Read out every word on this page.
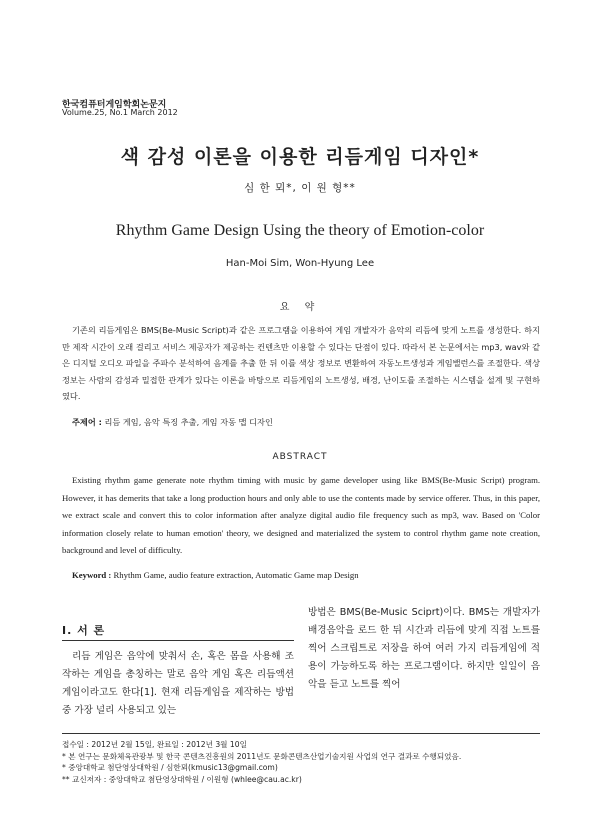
한국컴퓨터게임학회논문지
Volume.25, No.1 March 2012
색 감성 이론을 이용한 리듬게임 디자인*
심 한 뫼*, 이 원 형**
Rhythm Game Design Using the theory of Emotion-color
Han-Moi Sim, Won-Hyung Lee
요 약
기존의 리듬게임은 BMS(Be-Music Script)과 같은 프로그램을 이용하여 게임 개발자가 음악의 리듬에 맞게 노트를 생성한다. 하지만 제작 시간이 오래 걸리고 서비스 제공자가 제공하는 컨텐츠만 이용할 수 있다는 단점이 있다. 따라서 본 논문에서는 mp3, wav와 같은 디지털 오디오 파일을 주파수 분석하여 음계를 추출 한 뒤 이를 색상 정보로 변환하여 자동노트생성과 게임밸런스를 조절한다. 색상 정보는 사람의 감성과 밀접한 관계가 있다는 이론을 바탕으로 리듬게임의 노트생성, 배경, 난이도를 조절하는 시스템을 설계 및 구현하였다.
주제어 : 리듬 게임, 음악 특징 추출, 게임 자동 맵 디자인
ABSTRACT
Existing rhythm game generate note rhythm timing with music by game developer using like BMS(Be-Music Script) program. However, it has demerits that take a long production hours and only able to use the contents made by service offerer. Thus, in this paper, we extract scale and convert this to color information after analyze digital audio file frequency such as mp3, wav. Based on 'Color information closely relate to human emotion' theory, we designed and materialized the system to control rhythm game note creation, background and level of difficulty.
Keyword : Rhythm Game, audio feature extraction, Automatic Game map Design
Ⅰ. 서 론
리듬 게임은 음악에 맞춰서 손, 혹은 몸을 사용해 조작하는 게임을 총칭하는 말로 음악 게임 혹은 리듬액션 게임이라고도 한다[1]. 현재 리듬게임을 제작하는 방법 중 가장 널리 사용되고 있는
방법은 BMS(Be-Music Sciprt)이다. BMS는 개발자가 배경음악을 로드 한 뒤 시간과 리듬에 맞게 직접 노트를 찍어 스크립트로 저장을 하여 여러 가지 리듬게임에 적용이 가능하도록 하는 프로그램이다. 하지만 일일이 음악을 듣고 노트를 찍어
접수일 : 2012년 2월 15일, 완료일 : 2012년 3월 10일
* 본 연구는 문화체육관광부 및 한국 콘텐츠진흥원의 2011년도 문화콘텐츠산업기술지원 사업의 연구 결과로 수행되었음.
* 중앙대학교 첨단영상대학원 / 심한뫼(kmusic13@gmail.com)
** 교신저자 : 중앙대학교 첨단영상대학원 / 이원형 (whlee@cau.ac.kr)
